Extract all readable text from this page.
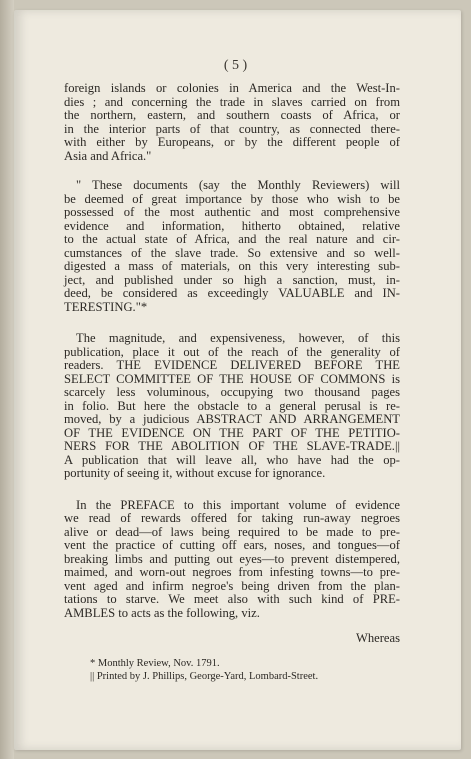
( 5 )

foreign islands or colonies in America and the West-In-
dies ; and concerning the trade in slaves carried on from
the northern, eastern, and southern coasts of Africa, or
in the interior parts of that country, as connected there-
with either by Europeans, or by the different people of
Asia and Africa."

" These documents (say the Monthly Reviewers) will
be deemed of great importance by those who wish to be
possessed of the most authentic and most comprehensive
evidence and information, hitherto obtained, relative
to the actual state of Africa, and the real nature and cir-
cumstances of the slave trade. So extensive and so well-
digested a mass of materials, on this very interesting sub-
ject, and published under so high a sanction, must, in-
deed, be considered as exceedingly VALUABLE and IN-
TERESTING."*

The magnitude, and expensiveness, however, of this
publication, place it out of the reach of the generality of
readers. THE EVIDENCE DELIVERED BEFORE THE
SELECT COMMITTEE OF THE HOUSE OF COMMONS is
scarcely less voluminous, occupying two thousand pages
in folio. But here the obstacle to a general perusal is re-
moved, by a judicious ABSTRACT AND ARRANGEMENT
OF THE EVIDENCE ON THE PART OF THE PETITIO-
NERS FOR THE ABOLITION OF THE SLAVE-TRADE.||
A publication that will leave all, who have had the op-
portunity of seeing it, without excuse for ignorance.

In the PREFACE to this important volume of evidence
we read of rewards offered for taking run-away negroes
alive or dead—of laws being required to be made to pre-
vent the practice of cutting off ears, noses, and tongues—of
breaking limbs and putting out eyes—to prevent distempered,
maimed, and worn-out negroes from infesting towns—to pre-
vent aged and infirm negroe's being driven from the plan-
tations to starve. We meet also with such kind of PRE-
AMBLES to acts as the following, viz.

Whereas
* Monthly Review, Nov. 1791.
|| Printed by J. Phillips, George-Yard, Lombard-Street.
